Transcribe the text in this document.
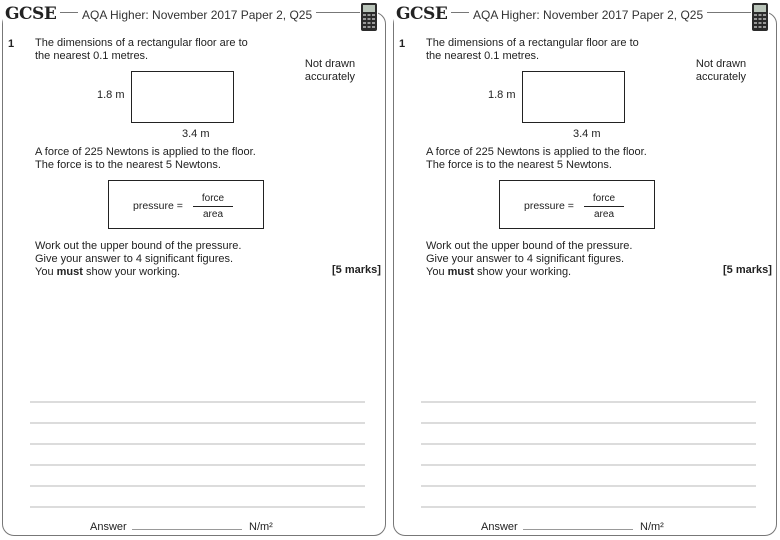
GCSE	AQA Higher: November 2017 Paper 2, Q25
1 The dimensions of a rectangular floor are to
the nearest 0.1 metres.
Not drawn
accurately
1.8 m
3.4 m
A force of 225 Newtons is applied to the floor.
The force is to the nearest 5 Newtons.
pressure =
force
area
Work out the upper bound of the pressure.
Give your answer to 4 significant figures.
You must show your working.	[5 marks]
Answer	N/m²
GCSE	AQA Higher: November 2017 Paper 2, Q25
1 The dimensions of a rectangular floor are to
the nearest 0.1 metres.
Not drawn
accurately
1.8 m
3.4 m
A force of 225 Newtons is applied to the floor.
The force is to the nearest 5 Newtons.
pressure =
force
area
Work out the upper bound of the pressure.
Give your answer to 4 significant figures.
You must show your working.	[5 marks]
Answer	N/m²
